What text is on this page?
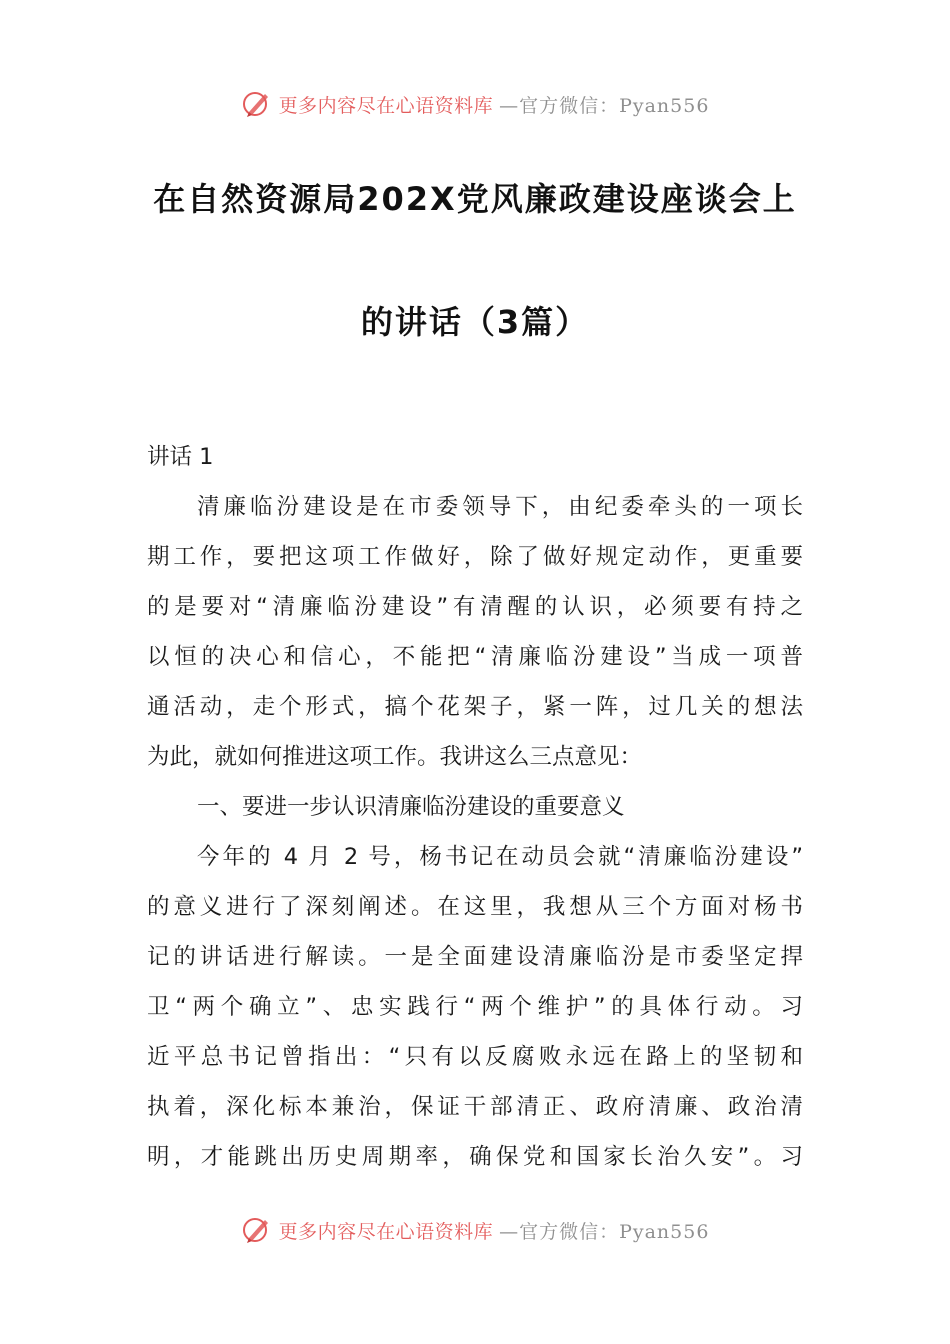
更多内容尽在心语资料库 —官方微信：Pyan556
在自然资源局202X党风廉政建设座谈会上
的讲话（3篇）
讲话 1
清廉临汾建设是在市委领导下，由纪委牵头的一项长
期工作，要把这项工作做好，除了做好规定动作，更重要
的是要对“清廉临汾建设”有清醒的认识，必须要有持之
以恒的决心和信心，不能把“清廉临汾建设”当成一项普
通活动，走个形式，搞个花架子，紧一阵，过几关的想法
为此，就如何推进这项工作。我讲这么三点意见：
一、要进一步认识清廉临汾建设的重要意义
今年的 4 月 2 号，杨书记在动员会就“清廉临汾建设”
的意义进行了深刻阐述。在这里，我想从三个方面对杨书
记的讲话进行解读。一是全面建设清廉临汾是市委坚定捍
卫“两个确立”、忠实践行“两个维护”的具体行动。习
近平总书记曾指出：“只有以反腐败永远在路上的坚韧和
执着，深化标本兼治，保证干部清正、政府清廉、政治清
明，才能跳出历史周期率，确保党和国家长治久安”。习
更多内容尽在心语资料库 —官方微信：Pyan556
